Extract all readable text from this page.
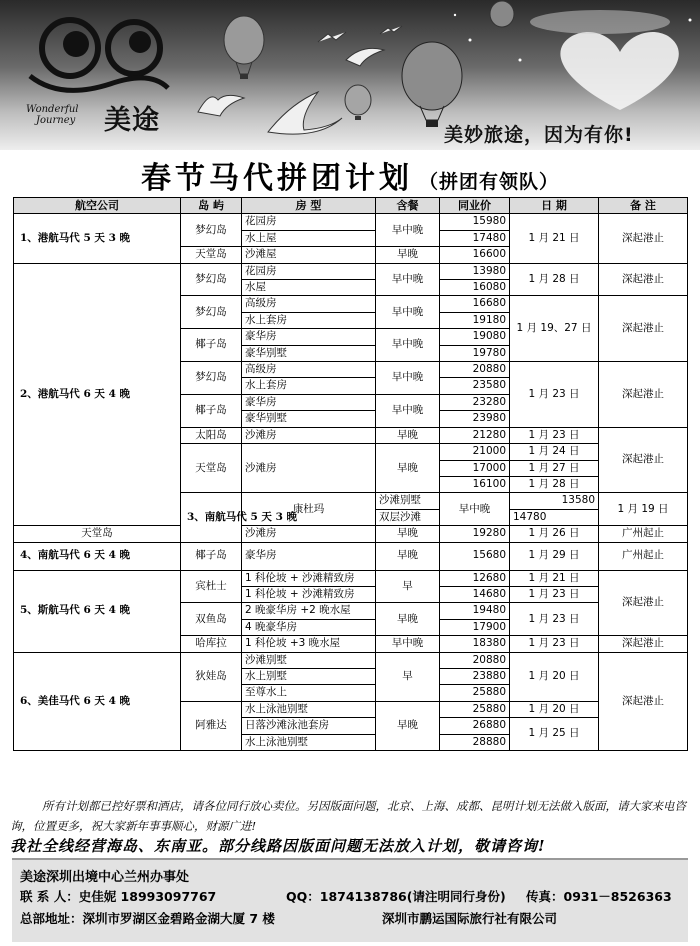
Wonderful
Journey 美途	美妙旅途，因为有你!
春节马代拼团计划 （拼团有领队）
航空公司	岛 屿	房 型	含餐	同业价	日 期	备 注	
1、港航马代 5 天 3 晚	梦幻岛	花园房	早中晚	15980	1 月 21 日	深起港止	
		水上屋		17480			
	天堂岛	沙滩屋	早晚	16600			
2、港航马代 6 天 4 晚	梦幻岛	花园房	早中晚	13980	1 月 28 日	深起港止	
		水屋		16080			
	梦幻岛	高级房	早中晚	16680	1 月 19、27 日	深起港止	
		水上套房		19180			
	椰子岛	豪华房	早中晚	19080			
		豪华别墅		19780			
	梦幻岛	高级房	早中晚	20880	1 月 23 日	深起港止	
		水上套房		23580			
	椰子岛	豪华房	早中晚	23280			
		豪华别墅		23980			
	太阳岛	沙滩房	早晚	21280	1 月 23 日	深起港止	
	天堂岛	沙滩房	早晚	21000	1 月 24 日		
				17000	1 月 27 日		
				16100	1 月 28 日		
	3、南航马代 5 天 3 晚	康杜玛	沙滩别墅	早中晚	13580	1 月 19 日	
			双层沙滩		14780		
天堂岛		沙滩房	早晚	19280	1 月 26 日	广州起止	
4、南航马代 6 天 4 晚	椰子岛	豪华房	早晚	15680	1 月 29 日	广州起止	
5、斯航马代 6 天 4 晚	宾杜士	1 科伦坡 + 沙滩精致房	早	12680	1 月 21 日	深起港止	
		1 科伦坡 + 沙滩精致房		14680	1 月 23 日		
	双鱼岛	2 晚豪华房 +2 晚水屋	早晚	19480	1 月 23 日		
		4 晚豪华房		17900			
	哈库拉	1 科伦坡 +3 晚水屋	早中晚	18380	1 月 23 日	深起港止	
6、美佳马代 6 天 4 晚	狄娃岛	沙滩别墅	早	20880	1 月 20 日	深起港止	
		水上别墅		23880			
		至尊水上		25880			
	阿雅达	水上泳池别墅	早晚	25880	1 月 20 日		
		日落沙滩泳池套房		26880	1 月 25 日		
		水上泳池别墅		28880			
所有计划都已控好票和酒店，请各位同行放心卖位。另因版面问题，北京、上海、成都、昆明计划无法做入版面，请大家来电咨询，位置更多，祝大家新年事事顺心，财源广进!
我社全线经营海岛、东南亚。部分线路因版面问题无法放入计划，敬请咨询!
美途深圳出境中心兰州办事处
联 系 人：史佳妮 18993097767	QQ：1874138786(请注明同行身份) 传真：0931－8526363
总部地址：深圳市罗湖区金碧路金湖大厦 7 楼	深圳市鹏运国际旅行社有限公司
